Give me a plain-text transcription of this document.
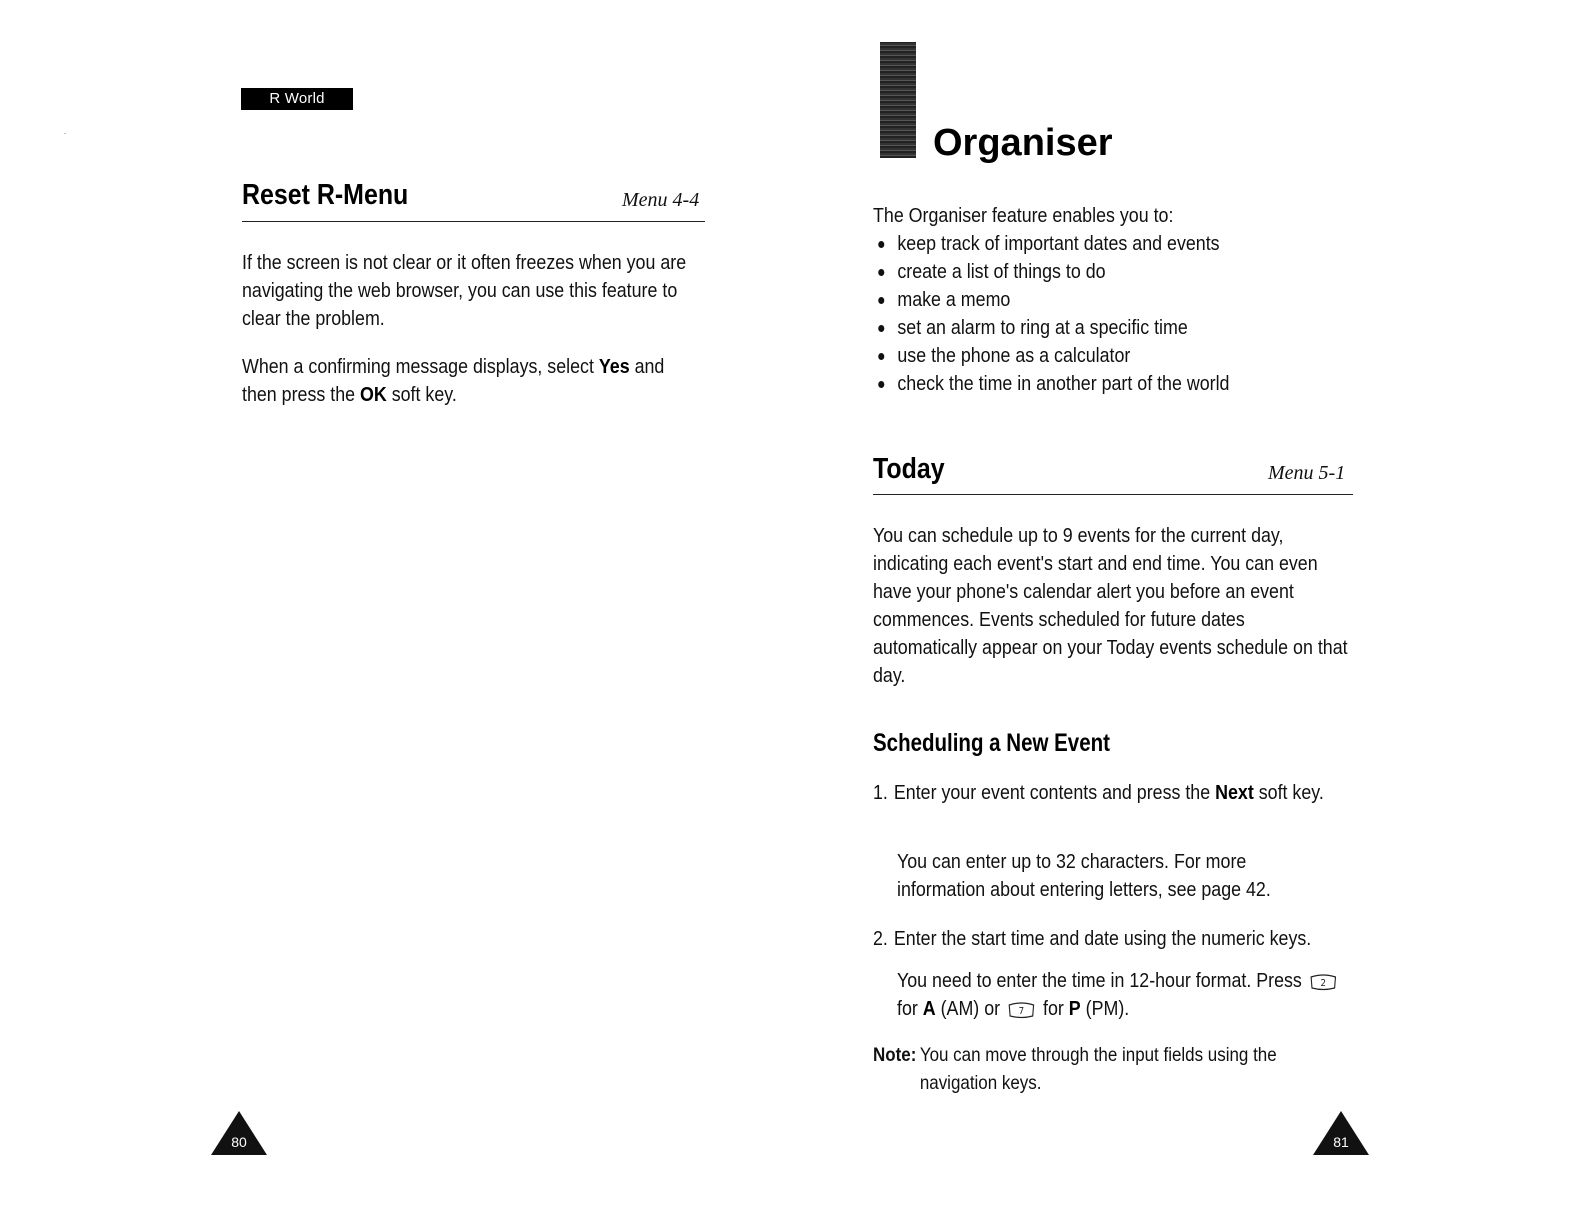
R World
Reset R-Menu	Menu 4-4
If the screen is not clear or it often freezes when you are navigating the web browser, you can use this feature to clear the problem.
When a confirming message displays, select Yes and then press the OK soft key.
80
Organiser
The Organiser feature enables you to:
keep track of important dates and events
create a list of things to do
make a memo
set an alarm to ring at a specific time
use the phone as a calculator
check the time in another part of the world
Today	Menu 5-1
You can schedule up to 9 events for the current day, indicating each event's start and end time. You can even have your phone's calendar alert you before an event commences. Events scheduled for future dates automatically appear on your Today events schedule on that day.
Scheduling a New Event
1. Enter your event contents and press the Next soft key.
You can enter up to 32 characters. For more information about entering letters, see page 42.
2. Enter the start time and date using the numeric keys.
You need to enter the time in 12-hour format. Press 2
for A (AM) or 7 for P (PM).
Note: You can move through the input fields using the navigation keys.
81
